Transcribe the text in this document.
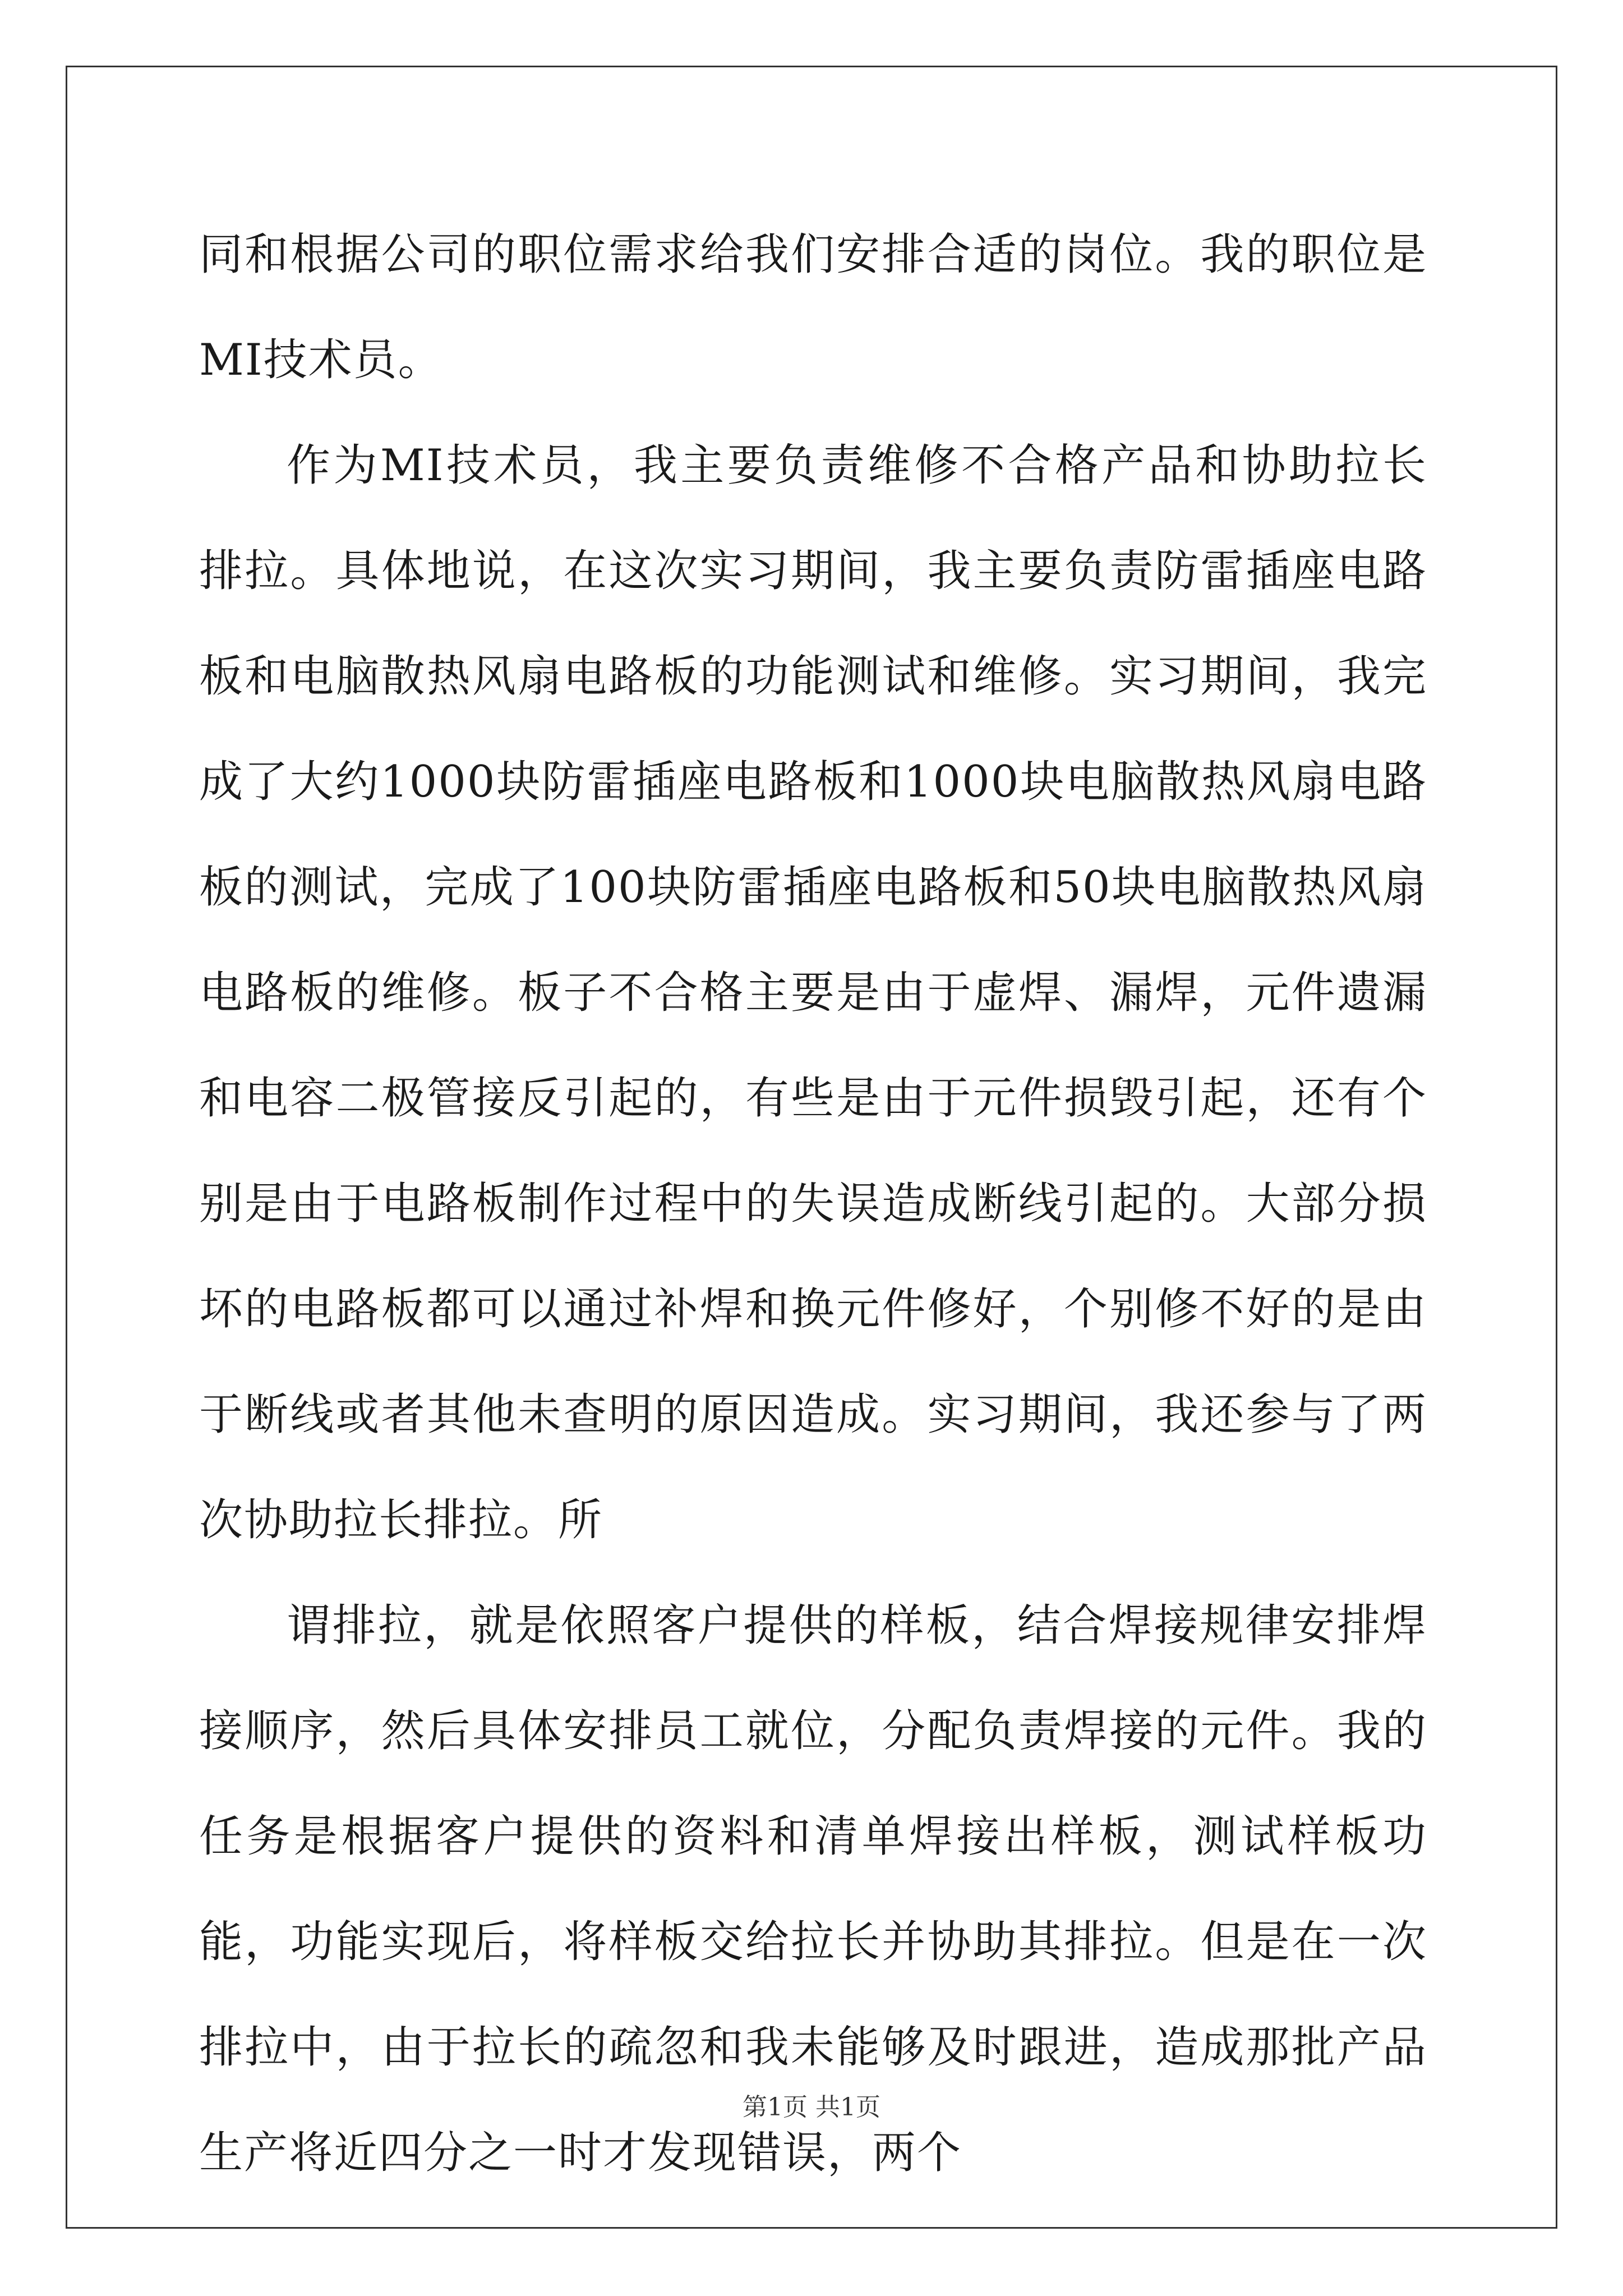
同和根据公司的职位需求给我们安排合适的岗位。我的职位是MI技术员。

作为MI技术员，我主要负责维修不合格产品和协助拉长排拉。具体地说，在这次实习期间，我主要负责防雷插座电路板和电脑散热风扇电路板的功能测试和维修。实习期间，我完成了大约1000块防雷插座电路板和1000块电脑散热风扇电路板的测试，完成了100块防雷插座电路板和50块电脑散热风扇电路板的维修。板子不合格主要是由于虚焊、漏焊，元件遗漏和电容二极管接反引起的，有些是由于元件损毁引起，还有个别是由于电路板制作过程中的失误造成断线引起的。大部分损坏的电路板都可以通过补焊和换元件修好，个别修不好的是由于断线或者其他未查明的原因造成。实习期间，我还参与了两次协助拉长排拉。所

谓排拉，就是依照客户提供的样板，结合焊接规律安排焊接顺序，然后具体安排员工就位，分配负责焊接的元件。我的任务是根据客户提供的资料和清单焊接出样板，测试样板功能，功能实现后，将样板交给拉长并协助其排拉。但是在一次排拉中，由于拉长的疏忽和我未能够及时跟进，造成那批产品生产将近四分之一时才发现错误，两个

第1页 共1页
